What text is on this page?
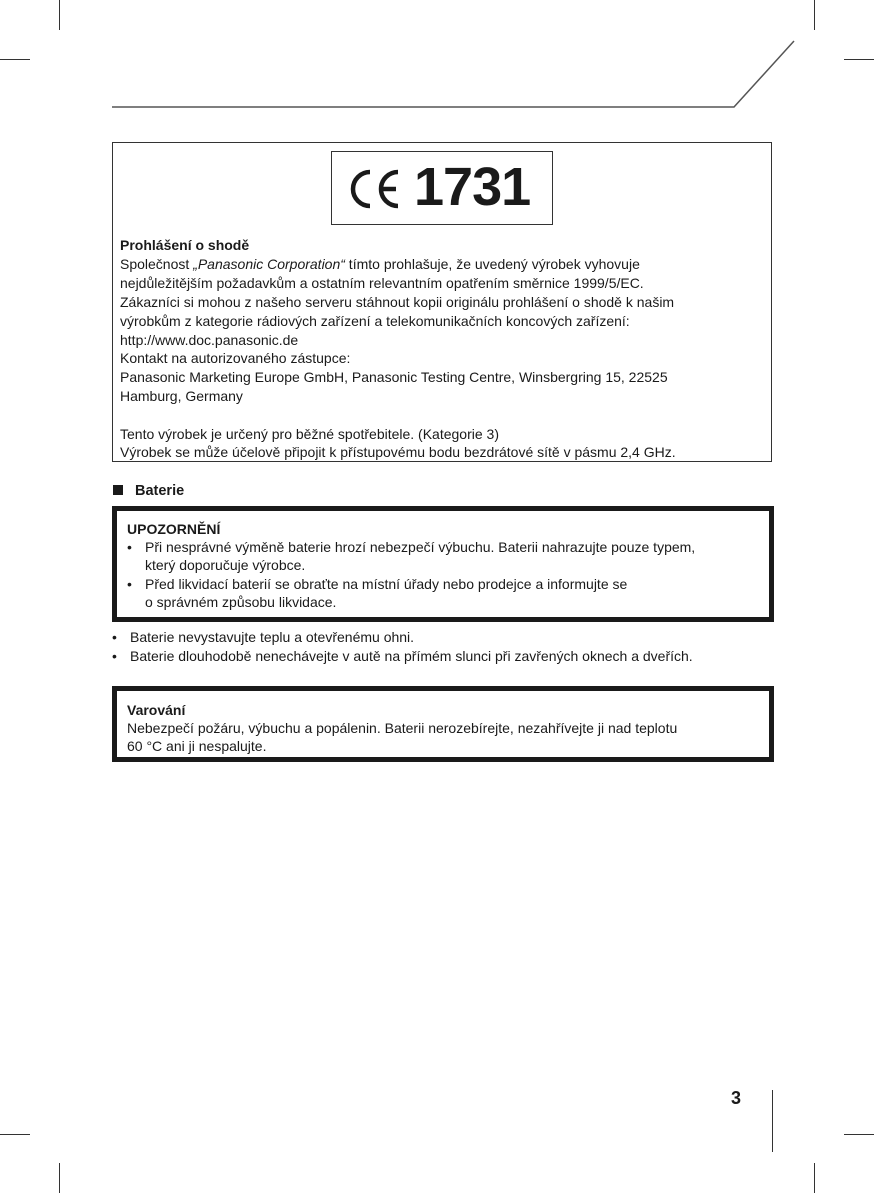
1731
Prohlášení o shodě
Společnost „Panasonic Corporation“ tímto prohlašuje, že uvedený výrobek vyhovuje
nejdůležitějším požadavkům a ostatním relevantním opatřením směrnice 1999/5/EC.
Zákazníci si mohou z našeho serveru stáhnout kopii originálu prohlášení o shodě k našim
výrobkům z kategorie rádiových zařízení a telekomunikačních koncových zařízení:
http://www.doc.panasonic.de
Kontakt na autorizovaného zástupce:
Panasonic Marketing Europe GmbH, Panasonic Testing Centre, Winsbergring 15, 22525
Hamburg, Germany
Tento výrobek je určený pro běžné spotřebitele. (Kategorie 3)
Výrobek se může účelově připojit k přístupovému bodu bezdrátové sítě v pásmu 2,4 GHz.
Baterie
UPOZORNĚNÍ
• Při nesprávné výměně baterie hrozí nebezpečí výbuchu. Baterii nahrazujte pouze typem,
který doporučuje výrobce.
• Před likvidací baterií se obraťte na místní úřady nebo prodejce a informujte se
o správném způsobu likvidace.
• Baterie nevystavujte teplu a otevřenému ohni.
• Baterie dlouhodobě nenechávejte v autě na přímém slunci při zavřených oknech a dveřích.
Varování
Nebezpečí požáru, výbuchu a popálenin. Baterii nerozebírejte, nezahřívejte ji nad teplotu
60 °C ani ji nespalujte.
3
